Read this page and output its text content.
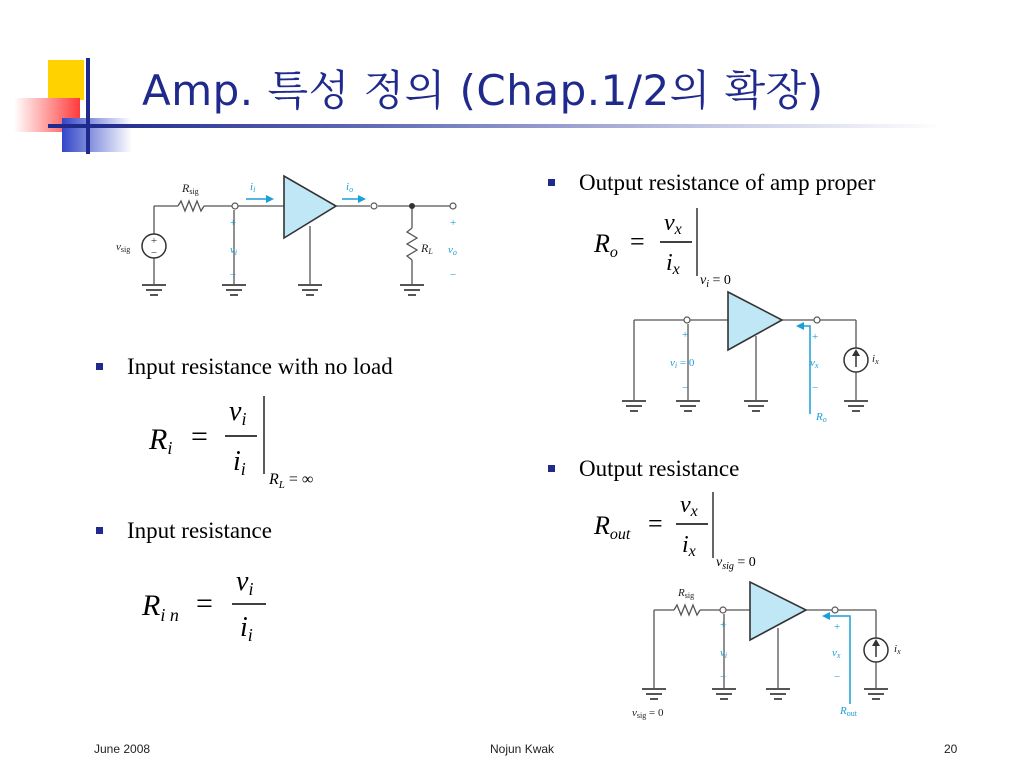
Amp. 특성 정의 (Chap.1/2의 확장)
+
−
Rsig
vsig
ii	io
+
vi
−
RL
+
vo
−
Input resistance with no load
Ri =
vi
ii
$R_L$ = ∞
Input resistance
$R_{i n}$ =
vi
ii
Output resistance of amp proper
Ro =
vx
ix
$v_i = 0$
+
vi = 0
−
+
vx
−
ix
Ro
Output resistance
Rout =
vx
ix
$v_{sig} = 0$
Rsig
+
vi
−
+
vx
−
ix
vsig = 0	Rout
June 2008	Nojun Kwak	20
